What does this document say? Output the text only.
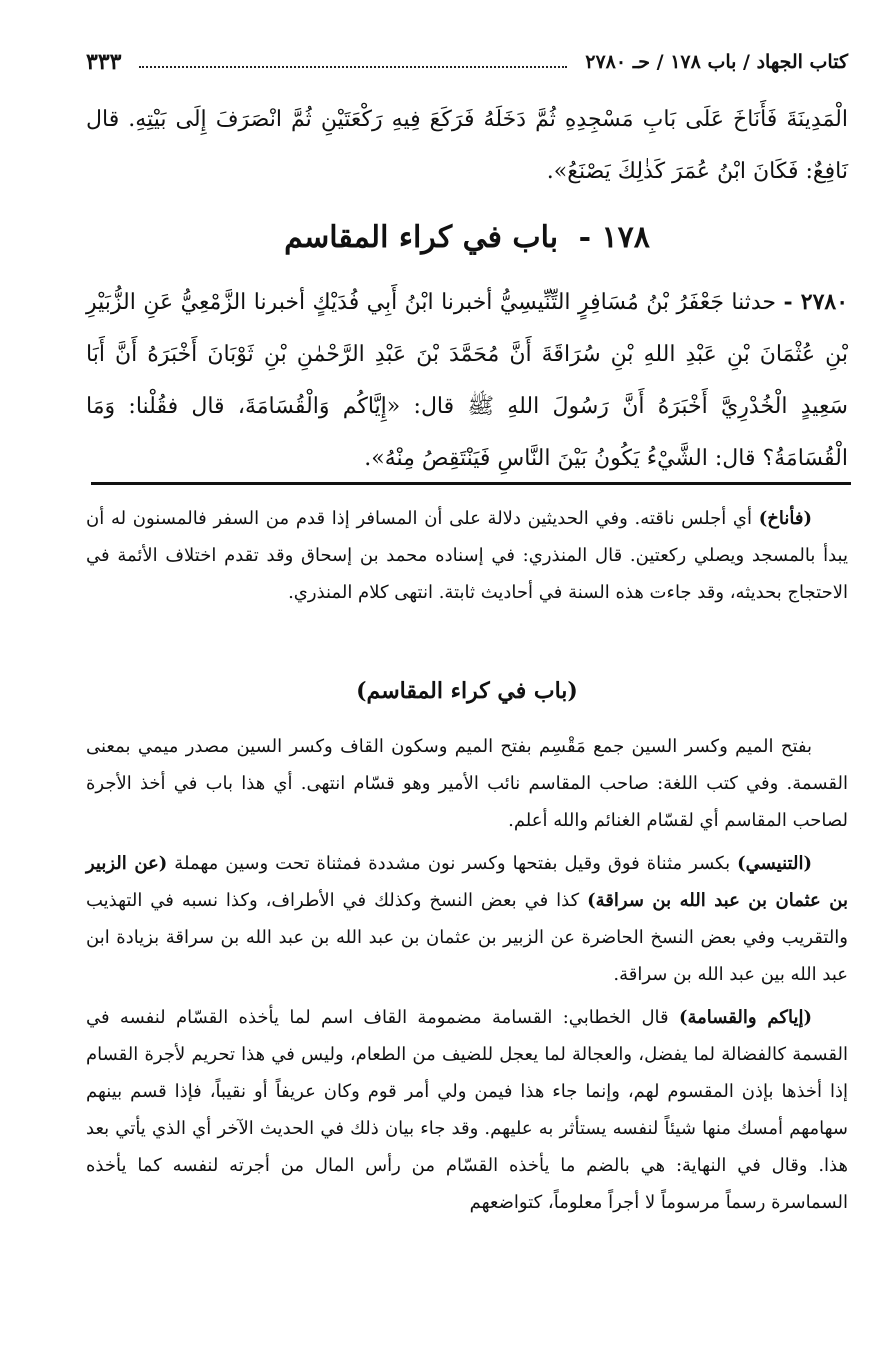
كتاب الجهاد / باب ١٧٨ / حـ ٢٧٨٠
٣٣٣
الْمَدِينَةَ فَأَنَاخَ عَلَى بَابِ مَسْجِدِهِ ثُمَّ دَخَلَهُ فَرَكَعَ فِيهِ رَكْعَتَيْنِ ثُمَّ انْصَرَفَ إِلَى بَيْتِهِ. قال نَافِعٌ: فَكَانَ ابْنُ عُمَرَ كَذٰلِكَ يَصْنَعُ».
١٧٨ - باب في كراء المقاسم
٢٧٨٠ - حدثنا جَعْفَرُ بْنُ مُسَافِرٍ التِّنِّيسِيُّ أخبرنا ابْنُ أَبِي فُدَيْكٍ أخبرنا الزَّمْعِيُّ عَنِ الزُّبَيْرِ بْنِ عُثْمَانَ بْنِ عَبْدِ اللهِ بْنِ سُرَاقَةَ أَنَّ مُحَمَّدَ بْنَ عَبْدِ الرَّحْمٰنِ بْنِ ثَوْبَانَ أَخْبَرَهُ أَنَّ أَبَا سَعِيدٍ الْخُدْرِيَّ أَخْبَرَهُ أَنَّ رَسُولَ اللهِ ﷺ قال: «إِيَّاكُم وَالْقُسَامَةَ، قال فقُلْنا: وَمَا الْقُسَامَةُ؟ قال: الشَّيْءُ يَكُونُ بَيْنَ النَّاسِ فَيَنْتَقِصُ مِنْهُ».

(فأناخ) أي أجلس ناقته. وفي الحديثين دلالة على أن المسافر إذا قدم من السفر فالمسنون له أن يبدأ بالمسجد ويصلي ركعتين. قال المنذري: في إسناده محمد بن إسحاق وقد تقدم اختلاف الأئمة في الاحتجاج بحديثه، وقد جاءت هذه السنة في أحاديث ثابتة. انتهى كلام المنذري.

(باب في كراء المقاسم)

بفتح الميم وكسر السين جمع مَقْسِم بفتح الميم وسكون القاف وكسر السين مصدر ميمي بمعنى القسمة. وفي كتب اللغة: صاحب المقاسم نائب الأمير وهو قسّام انتهى. أي هذا باب في أخذ الأجرة لصاحب المقاسم أي لقسّام الغنائم والله أعلم.

(التنيسي) بكسر مثناة فوق وقيل بفتحها وكسر نون مشددة فمثناة تحت وسين مهملة (عن الزبير بن عثمان بن عبد الله بن سراقة) كذا في بعض النسخ وكذلك في الأطراف، وكذا نسبه في التهذيب والتقريب وفي بعض النسخ الحاضرة عن الزبير بن عثمان بن عبد الله بن عبد الله بن سراقة بزيادة ابن عبد الله بين عبد الله بن سراقة.

(إياكم والقسامة) قال الخطابي: القسامة مضمومة القاف اسم لما يأخذه القسّام لنفسه في القسمة كالفضالة لما يفضل، والعجالة لما يعجل للضيف من الطعام، وليس في هذا تحريم لأجرة القسام إذا أخذها بإذن المقسوم لهم، وإنما جاء هذا فيمن ولي أمر قوم وكان عريفاً أو نقيباً، فإذا قسم بينهم سهامهم أمسك منها شيئاً لنفسه يستأثر به عليهم. وقد جاء بيان ذلك في الحديث الآخر أي الذي يأتي بعد هذا. وقال في النهاية: هي بالضم ما يأخذه القسّام من رأس المال من أجرته لنفسه كما يأخذه السماسرة رسماً مرسوماً لا أجراً معلوماً، كتواضعهم
